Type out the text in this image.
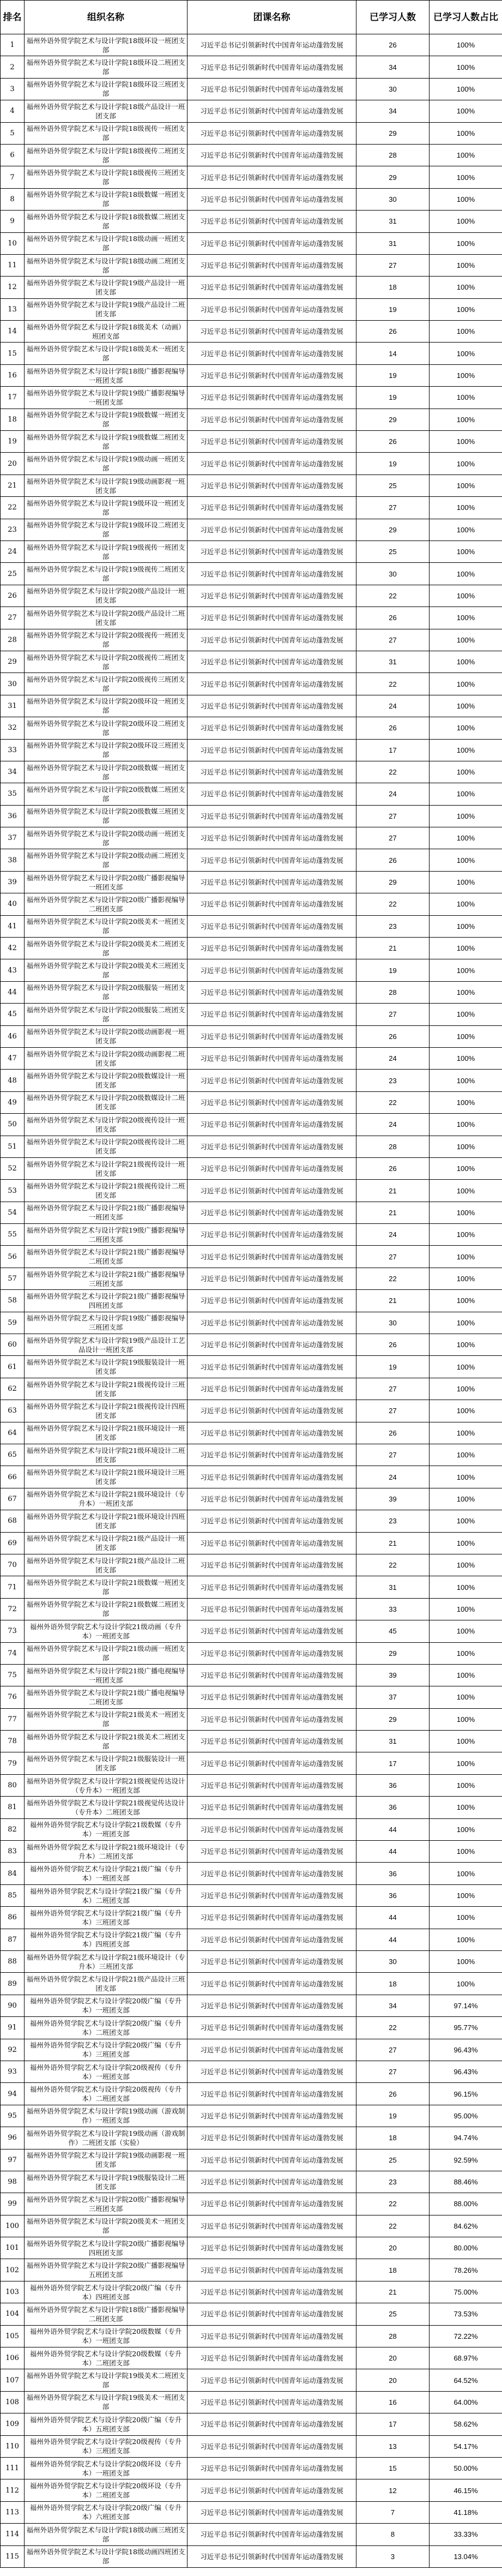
排名	组织名称	团课名称	已学习人数	已学习人数占比
1	福州外语外贸学院艺术与设计学院18级环设一班团支部	习近平总书记引领新时代中国青年运动蓬勃发展	26	100%
2	福州外语外贸学院艺术与设计学院18级环设二班团支部	习近平总书记引领新时代中国青年运动蓬勃发展	34	100%
3	福州外语外贸学院艺术与设计学院18级环设三班团支部	习近平总书记引领新时代中国青年运动蓬勃发展	30	100%
4	福州外语外贸学院艺术与设计学院18级产品设计一班团支部	习近平总书记引领新时代中国青年运动蓬勃发展	34	100%
5	福州外语外贸学院艺术与设计学院18级视传一班团支部	习近平总书记引领新时代中国青年运动蓬勃发展	29	100%
6	福州外语外贸学院艺术与设计学院18级视传二班团支部	习近平总书记引领新时代中国青年运动蓬勃发展	28	100%
7	福州外语外贸学院艺术与设计学院18级视传三班团支部	习近平总书记引领新时代中国青年运动蓬勃发展	29	100%
8	福州外语外贸学院艺术与设计学院18级数媒一班团支部	习近平总书记引领新时代中国青年运动蓬勃发展	30	100%
9	福州外语外贸学院艺术与设计学院18级数媒二班团支部	习近平总书记引领新时代中国青年运动蓬勃发展	31	100%
10	福州外语外贸学院艺术与设计学院18级动画一班团支部	习近平总书记引领新时代中国青年运动蓬勃发展	31	100%
11	福州外语外贸学院艺术与设计学院18级动画二班团支部	习近平总书记引领新时代中国青年运动蓬勃发展	27	100%
12	福州外语外贸学院艺术与设计学院19级产品设计一班团支部	习近平总书记引领新时代中国青年运动蓬勃发展	18	100%
13	福州外语外贸学院艺术与设计学院19级产品设计二班团支部	习近平总书记引领新时代中国青年运动蓬勃发展	19	100%
14	福州外语外贸学院艺术与设计学院18级美术（动画）班团支部	习近平总书记引领新时代中国青年运动蓬勃发展	26	100%
15	福州外语外贸学院艺术与设计学院18级美术一班团支部	习近平总书记引领新时代中国青年运动蓬勃发展	14	100%
16	福州外语外贸学院艺术与设计学院18级广播影视编导一班团支部	习近平总书记引领新时代中国青年运动蓬勃发展	19	100%
17	福州外语外贸学院艺术与设计学院19级广播影视编导一班团支部	习近平总书记引领新时代中国青年运动蓬勃发展	19	100%
18	福州外语外贸学院艺术与设计学院19级数媒一班团支部	习近平总书记引领新时代中国青年运动蓬勃发展	29	100%
19	福州外语外贸学院艺术与设计学院19级数媒二班团支部	习近平总书记引领新时代中国青年运动蓬勃发展	26	100%
20	福州外语外贸学院艺术与设计学院19级动画一班团支部	习近平总书记引领新时代中国青年运动蓬勃发展	19	100%
21	福州外语外贸学院艺术与设计学院19级动画影视一班团支部	习近平总书记引领新时代中国青年运动蓬勃发展	25	100%
22	福州外语外贸学院艺术与设计学院19级环设一班团支部	习近平总书记引领新时代中国青年运动蓬勃发展	27	100%
23	福州外语外贸学院艺术与设计学院19级环设二班团支部	习近平总书记引领新时代中国青年运动蓬勃发展	29	100%
24	福州外语外贸学院艺术与设计学院19级视传一班团支部	习近平总书记引领新时代中国青年运动蓬勃发展	25	100%
25	福州外语外贸学院艺术与设计学院19级视传二班团支部	习近平总书记引领新时代中国青年运动蓬勃发展	30	100%
26	福州外语外贸学院艺术与设计学院20级产品设计一班团支部	习近平总书记引领新时代中国青年运动蓬勃发展	22	100%
27	福州外语外贸学院艺术与设计学院20级产品设计二班团支部	习近平总书记引领新时代中国青年运动蓬勃发展	26	100%
28	福州外语外贸学院艺术与设计学院20级视传一班团支部	习近平总书记引领新时代中国青年运动蓬勃发展	27	100%
29	福州外语外贸学院艺术与设计学院20级视传二班团支部	习近平总书记引领新时代中国青年运动蓬勃发展	31	100%
30	福州外语外贸学院艺术与设计学院20级视传三班团支部	习近平总书记引领新时代中国青年运动蓬勃发展	22	100%
31	福州外语外贸学院艺术与设计学院20级环设一班团支部	习近平总书记引领新时代中国青年运动蓬勃发展	24	100%
32	福州外语外贸学院艺术与设计学院20级环设二班团支部	习近平总书记引领新时代中国青年运动蓬勃发展	26	100%
33	福州外语外贸学院艺术与设计学院20级环设三班团支部	习近平总书记引领新时代中国青年运动蓬勃发展	17	100%
34	福州外语外贸学院艺术与设计学院20级数媒一班团支部	习近平总书记引领新时代中国青年运动蓬勃发展	22	100%
35	福州外语外贸学院艺术与设计学院20级数媒二班团支部	习近平总书记引领新时代中国青年运动蓬勃发展	24	100%
36	福州外语外贸学院艺术与设计学院20级数媒三班团支部	习近平总书记引领新时代中国青年运动蓬勃发展	27	100%
37	福州外语外贸学院艺术与设计学院20级动画一班团支部	习近平总书记引领新时代中国青年运动蓬勃发展	27	100%
38	福州外语外贸学院艺术与设计学院20级动画二班团支部	习近平总书记引领新时代中国青年运动蓬勃发展	26	100%
39	福州外语外贸学院艺术与设计学院20级广播影视编导一班团支部	习近平总书记引领新时代中国青年运动蓬勃发展	29	100%
40	福州外语外贸学院艺术与设计学院20级广播影视编导二班团支部	习近平总书记引领新时代中国青年运动蓬勃发展	22	100%
41	福州外语外贸学院艺术与设计学院20级美术一班团支部	习近平总书记引领新时代中国青年运动蓬勃发展	23	100%
42	福州外语外贸学院艺术与设计学院20级美术二班团支部	习近平总书记引领新时代中国青年运动蓬勃发展	21	100%
43	福州外语外贸学院艺术与设计学院20级美术三班团支部	习近平总书记引领新时代中国青年运动蓬勃发展	19	100%
44	福州外语外贸学院艺术与设计学院20级服装一班团支部	习近平总书记引领新时代中国青年运动蓬勃发展	28	100%
45	福州外语外贸学院艺术与设计学院20级服装二班团支部	习近平总书记引领新时代中国青年运动蓬勃发展	27	100%
46	福州外语外贸学院艺术与设计学院20级动画影视一班团支部	习近平总书记引领新时代中国青年运动蓬勃发展	26	100%
47	福州外语外贸学院艺术与设计学院20级动画影视二班团支部	习近平总书记引领新时代中国青年运动蓬勃发展	24	100%
48	福州外语外贸学院艺术与设计学院20级数媒设计一班团支部	习近平总书记引领新时代中国青年运动蓬勃发展	23	100%
49	福州外语外贸学院艺术与设计学院20级数媒设计二班团支部	习近平总书记引领新时代中国青年运动蓬勃发展	22	100%
50	福州外语外贸学院艺术与设计学院20级视传设计一班团支部	习近平总书记引领新时代中国青年运动蓬勃发展	24	100%
51	福州外语外贸学院艺术与设计学院20级视传设计二班团支部	习近平总书记引领新时代中国青年运动蓬勃发展	28	100%
52	福州外语外贸学院艺术与设计学院21级视传设计一班团支部	习近平总书记引领新时代中国青年运动蓬勃发展	26	100%
53	福州外语外贸学院艺术与设计学院21级视传设计二班团支部	习近平总书记引领新时代中国青年运动蓬勃发展	21	100%
54	福州外语外贸学院艺术与设计学院21级广播影视编导一班团支部	习近平总书记引领新时代中国青年运动蓬勃发展	21	100%
55	福州外语外贸学院艺术与设计学院19级广播影视编导二班团支部	习近平总书记引领新时代中国青年运动蓬勃发展	24	100%
56	福州外语外贸学院艺术与设计学院21级广播影视编导二班团支部	习近平总书记引领新时代中国青年运动蓬勃发展	27	100%
57	福州外语外贸学院艺术与设计学院21级广播影视编导三班团支部	习近平总书记引领新时代中国青年运动蓬勃发展	22	100%
58	福州外语外贸学院艺术与设计学院21级广播影视编导四班团支部	习近平总书记引领新时代中国青年运动蓬勃发展	21	100%
59	福州外语外贸学院艺术与设计学院19级广播影视编导三班团支部	习近平总书记引领新时代中国青年运动蓬勃发展	30	100%
60	福州外语外贸学院艺术与设计学院19级产品设计工艺品设计一班团支部	习近平总书记引领新时代中国青年运动蓬勃发展	26	100%
61	福州外语外贸学院艺术与设计学院19级服装设计一班团支部	习近平总书记引领新时代中国青年运动蓬勃发展	19	100%
62	福州外语外贸学院艺术与设计学院21级视传设计三班团支部	习近平总书记引领新时代中国青年运动蓬勃发展	27	100%
63	福州外语外贸学院艺术与设计学院21级视传设计四班团支部	习近平总书记引领新时代中国青年运动蓬勃发展	27	100%
64	福州外语外贸学院艺术与设计学院21级环境设计一班团支部	习近平总书记引领新时代中国青年运动蓬勃发展	26	100%
65	福州外语外贸学院艺术与设计学院21级环境设计二班团支部	习近平总书记引领新时代中国青年运动蓬勃发展	27	100%
66	福州外语外贸学院艺术与设计学院21级环境设计三班团支部	习近平总书记引领新时代中国青年运动蓬勃发展	24	100%
67	福州外语外贸学院艺术与设计学院21级环境设计（专升本）一班团支部	习近平总书记引领新时代中国青年运动蓬勃发展	39	100%
68	福州外语外贸学院艺术与设计学院21级环境设计四班团支部	习近平总书记引领新时代中国青年运动蓬勃发展	23	100%
69	福州外语外贸学院艺术与设计学院21级产品设计一班团支部	习近平总书记引领新时代中国青年运动蓬勃发展	21	100%
70	福州外语外贸学院艺术与设计学院21级产品设计二班团支部	习近平总书记引领新时代中国青年运动蓬勃发展	22	100%
71	福州外语外贸学院艺术与设计学院21级数媒一班团支部	习近平总书记引领新时代中国青年运动蓬勃发展	31	100%
72	福州外语外贸学院艺术与设计学院21级数媒二班团支部	习近平总书记引领新时代中国青年运动蓬勃发展	33	100%
73	福州外语外贸学院艺术与设计学院21级动画（专升本）一班团支部	习近平总书记引领新时代中国青年运动蓬勃发展	45	100%
74	福州外语外贸学院艺术与设计学院21级动画一班团支部	习近平总书记引领新时代中国青年运动蓬勃发展	29	100%
75	福州外语外贸学院艺术与设计学院21级广播电视编导一班团支部	习近平总书记引领新时代中国青年运动蓬勃发展	39	100%
76	福州外语外贸学院艺术与设计学院21级广播电视编导二班团支部	习近平总书记引领新时代中国青年运动蓬勃发展	37	100%
77	福州外语外贸学院艺术与设计学院21级美术一班团支部	习近平总书记引领新时代中国青年运动蓬勃发展	29	100%
78	福州外语外贸学院艺术与设计学院21级美术二班团支部	习近平总书记引领新时代中国青年运动蓬勃发展	31	100%
79	福州外语外贸学院艺术与设计学院21级服装设计一班团支部	习近平总书记引领新时代中国青年运动蓬勃发展	17	100%
80	福州外语外贸学院艺术与设计学院21级视觉传达设计（专升本）一班团支部	习近平总书记引领新时代中国青年运动蓬勃发展	36	100%
81	福州外语外贸学院艺术与设计学院21级视觉传达设计（专升本）二班团支部	习近平总书记引领新时代中国青年运动蓬勃发展	36	100%
82	福州外语外贸学院艺术与设计学院21级数媒（专升本）一班团支部	习近平总书记引领新时代中国青年运动蓬勃发展	44	100%
83	福州外语外贸学院艺术与设计学院21级环境设计（专升本）二班团支部	习近平总书记引领新时代中国青年运动蓬勃发展	44	100%
84	福州外语外贸学院艺术与设计学院21级广编（专升本）一班团支部	习近平总书记引领新时代中国青年运动蓬勃发展	36	100%
85	福州外语外贸学院艺术与设计学院21级广编（专升本）二班团支部	习近平总书记引领新时代中国青年运动蓬勃发展	36	100%
86	福州外语外贸学院艺术与设计学院21级广编（专升本）三班团支部	习近平总书记引领新时代中国青年运动蓬勃发展	44	100%
87	福州外语外贸学院艺术与设计学院21级广编（专升本）四班团支部	习近平总书记引领新时代中国青年运动蓬勃发展	44	100%
88	福州外语外贸学院艺术与设计学院21级环境设计（专升本）三班团支部	习近平总书记引领新时代中国青年运动蓬勃发展	30	100%
89	福州外语外贸学院艺术与设计学院21级产品设计三班团支部	习近平总书记引领新时代中国青年运动蓬勃发展	18	100%
90	福州外语外贸学院艺术与设计学院20级广编（专升本）一班团支部	习近平总书记引领新时代中国青年运动蓬勃发展	34	97.14%
91	福州外语外贸学院艺术与设计学院20级广编（专升本）二班团支部	习近平总书记引领新时代中国青年运动蓬勃发展	22	95.77%
92	福州外语外贸学院艺术与设计学院20级广编（专升本）三班团支部	习近平总书记引领新时代中国青年运动蓬勃发展	27	96.43%
93	福州外语外贸学院艺术与设计学院20级视传（专升本）一班团支部	习近平总书记引领新时代中国青年运动蓬勃发展	27	96.43%
94	福州外语外贸学院艺术与设计学院20级视传（专升本）二班团支部	习近平总书记引领新时代中国青年运动蓬勃发展	26	96.15%
95	福州外语外贸学院艺术与设计学院19级动画（游戏制作）一班团支部	习近平总书记引领新时代中国青年运动蓬勃发展	19	95.00%
96	福州外语外贸学院艺术与设计学院19级动画（游戏制作）二班团支部（实验）	习近平总书记引领新时代中国青年运动蓬勃发展	18	94.74%
97	福州外语外贸学院艺术与设计学院19级动画影视一班团支部	习近平总书记引领新时代中国青年运动蓬勃发展	25	92.59%
98	福州外语外贸学院艺术与设计学院19级服装设计二班团支部	习近平总书记引领新时代中国青年运动蓬勃发展	23	88.46%
99	福州外语外贸学院艺术与设计学院20级广播影视编导三班团支部	习近平总书记引领新时代中国青年运动蓬勃发展	22	88.00%
100	福州外语外贸学院艺术与设计学院20级美术一班团支部	习近平总书记引领新时代中国青年运动蓬勃发展	22	84.62%
101	福州外语外贸学院艺术与设计学院20级广播影视编导四班团支部	习近平总书记引领新时代中国青年运动蓬勃发展	20	80.00%
102	福州外语外贸学院艺术与设计学院20级广播影视编导五班团支部	习近平总书记引领新时代中国青年运动蓬勃发展	18	78.26%
103	福州外语外贸学院艺术与设计学院20级广编（专升本）四班团支部	习近平总书记引领新时代中国青年运动蓬勃发展	21	75.00%
104	福州外语外贸学院艺术与设计学院18级广播影视编导二班团支部	习近平总书记引领新时代中国青年运动蓬勃发展	25	73.53%
105	福州外语外贸学院艺术与设计学院20级数媒（专升本）一班团支部	习近平总书记引领新时代中国青年运动蓬勃发展	28	72.22%
106	福州外语外贸学院艺术与设计学院20级数媒（专升本）二班团支部	习近平总书记引领新时代中国青年运动蓬勃发展	20	68.97%
107	福州外语外贸学院艺术与设计学院19级美术二班团支部	习近平总书记引领新时代中国青年运动蓬勃发展	20	64.52%
108	福州外语外贸学院艺术与设计学院19级美术一班团支部	习近平总书记引领新时代中国青年运动蓬勃发展	16	64.00%
109	福州外语外贸学院艺术与设计学院20级广编（专升本）五班团支部	习近平总书记引领新时代中国青年运动蓬勃发展	17	58.62%
110	福州外语外贸学院艺术与设计学院20级视传（专升本）三班团支部	习近平总书记引领新时代中国青年运动蓬勃发展	13	54.17%
111	福州外语外贸学院艺术与设计学院20级环设（专升本）一班团支部	习近平总书记引领新时代中国青年运动蓬勃发展	15	50.00%
112	福州外语外贸学院艺术与设计学院20级环设（专升本）二班团支部	习近平总书记引领新时代中国青年运动蓬勃发展	12	46.15%
113	福州外语外贸学院艺术与设计学院20级广编（专升本）六班团支部	习近平总书记引领新时代中国青年运动蓬勃发展	7	41.18%
114	福州外语外贸学院艺术与设计学院18级动画三班团支部	习近平总书记引领新时代中国青年运动蓬勃发展	8	33.33%
115	福州外语外贸学院艺术与设计学院18级动画四班团支部	习近平总书记引领新时代中国青年运动蓬勃发展	3	13.04%
